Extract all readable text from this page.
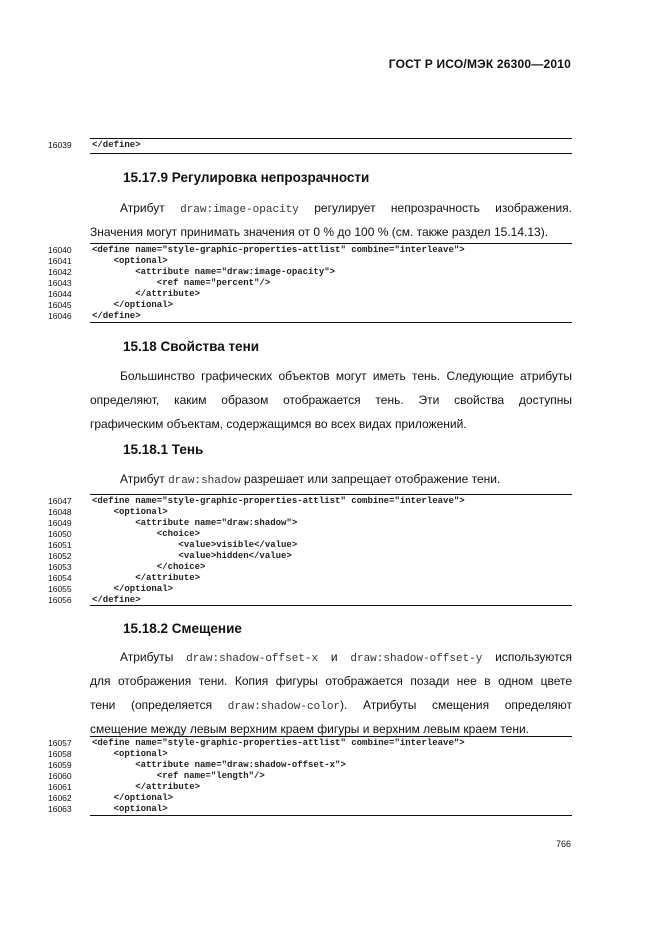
ГОСТ Р ИСО/МЭК 26300—2010
16039 </define>
15.17.9 Регулировка непрозрачности
Атрибут draw:image-opacity регулирует непрозрачность изображения.
Значения могут принимать значения от 0 % до 100 % (см. также раздел 15.14.13).
16040 <define name="style-graphic-properties-attlist" combine="interleave">
16041 <optional>
16042 <attribute name="draw:image-opacity">
16043 <ref name="percent"/>
16044 </attribute>
16045 </optional>
16046 </define>
15.18 Свойства тени
Большинство графических объектов могут иметь тень. Следующие атрибуты
определяют, каким образом отображается тень. Эти свойства доступны
графическим объектам, содержащимся во всех видах приложений.
15.18.1 Тень
Атрибут draw:shadow разрешает или запрещает отображение тени.
16047 <define name="style-graphic-properties-attlist" combine="interleave">
16048 <optional>
16049 <attribute name="draw:shadow">
16050 <choice>
16051 <value>visible</value>
16052 <value>hidden</value>
16053 </choice>
16054 </attribute>
16055 </optional>
16056 </define>
15.18.2 Смещение
Атрибуты draw:shadow-offset-x и draw:shadow-offset-y используются
для отображения тени. Копия фигуры отображается позади нее в одном цвете
тени (определяется draw:shadow-color). Атрибуты смещения определяют
смещение между левым верхним краем фигуры и верхним левым краем тени.
16057 <define name="style-graphic-properties-attlist" combine="interleave">
16058 <optional>
16059 <attribute name="draw:shadow-offset-x">
16060 <ref name="length"/>
16061 </attribute>
16062 </optional>
16063 <optional>
766
